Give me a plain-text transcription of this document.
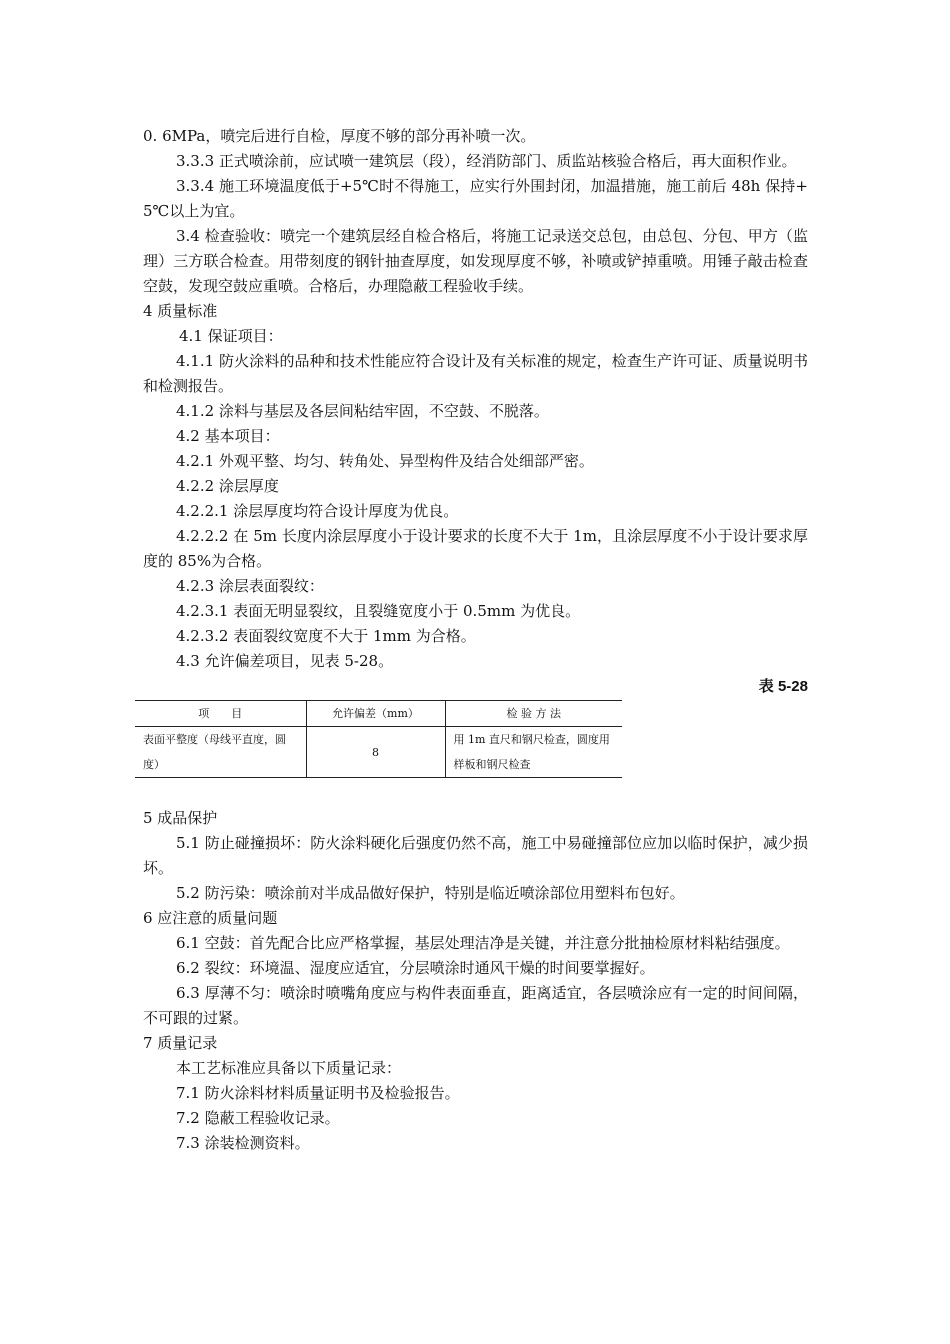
0. 6MPa，喷完后进行自检，厚度不够的部分再补喷一次。

3.3.3 正式喷涂前，应试喷一建筑层（段），经消防部门、质监站核验合格后，再大面积作业。

3.3.4 施工环境温度低于+5℃时不得施工，应实行外围封闭，加温措施，施工前后 48h 保持+5℃以上为宜。

3.4 检查验收：喷完一个建筑层经自检合格后，将施工记录送交总包，由总包、分包、甲方（监理）三方联合检查。用带刻度的钢针抽查厚度，如发现厚度不够，补喷或铲掉重喷。用锤子敲击检查空鼓，发现空鼓应重喷。合格后，办理隐蔽工程验收手续。

4 质量标准

4.1 保证项目：

4.1.1 防火涂料的品种和技术性能应符合设计及有关标准的规定，检查生产许可证、质量说明书和检测报告。

4.1.2 涂料与基层及各层间粘结牢固，不空鼓、不脱落。

4.2 基本项目：

4.2.1 外观平整、均匀、转角处、异型构件及结合处细部严密。

4.2.2 涂层厚度

4.2.2.1 涂层厚度均符合设计厚度为优良。

4.2.2.2 在 5m 长度内涂层厚度小于设计要求的长度不大于 1m，且涂层厚度不小于设计要求厚度的 85%为合格。

4.2.3 涂层表面裂纹：

4.2.3.1 表面无明显裂纹，且裂缝宽度小于 0.5mm 为优良。

4.2.3.2 表面裂纹宽度不大于 1mm 为合格。

4.3 允许偏差项目，见表 5-28。

表 5-28
项　　目	允许偏差（mm）	检 验 方 法
表面平整度（母线平直度，圆度）	8	用 1m 直尺和钢尺检查，圆度用样板和钢尺检查

5 成品保护

5.1 防止碰撞损坏：防火涂料硬化后强度仍然不高，施工中易碰撞部位应加以临时保护，减少损坏。

5.2 防污染：喷涂前对半成品做好保护，特别是临近喷涂部位用塑料布包好。

6 应注意的质量问题

6.1 空鼓：首先配合比应严格掌握，基层处理洁净是关键，并注意分批抽检原材料粘结强度。

6.2 裂纹：环境温、湿度应适宜，分层喷涂时通风干燥的时间要掌握好。

6.3 厚薄不匀：喷涂时喷嘴角度应与构件表面垂直，距离适宜，各层喷涂应有一定的时间间隔，不可跟的过紧。

7 质量记录

本工艺标准应具备以下质量记录：

7.1 防火涂料材料质量证明书及检验报告。

7.2 隐蔽工程验收记录。

7.3 涂装检测资料。
